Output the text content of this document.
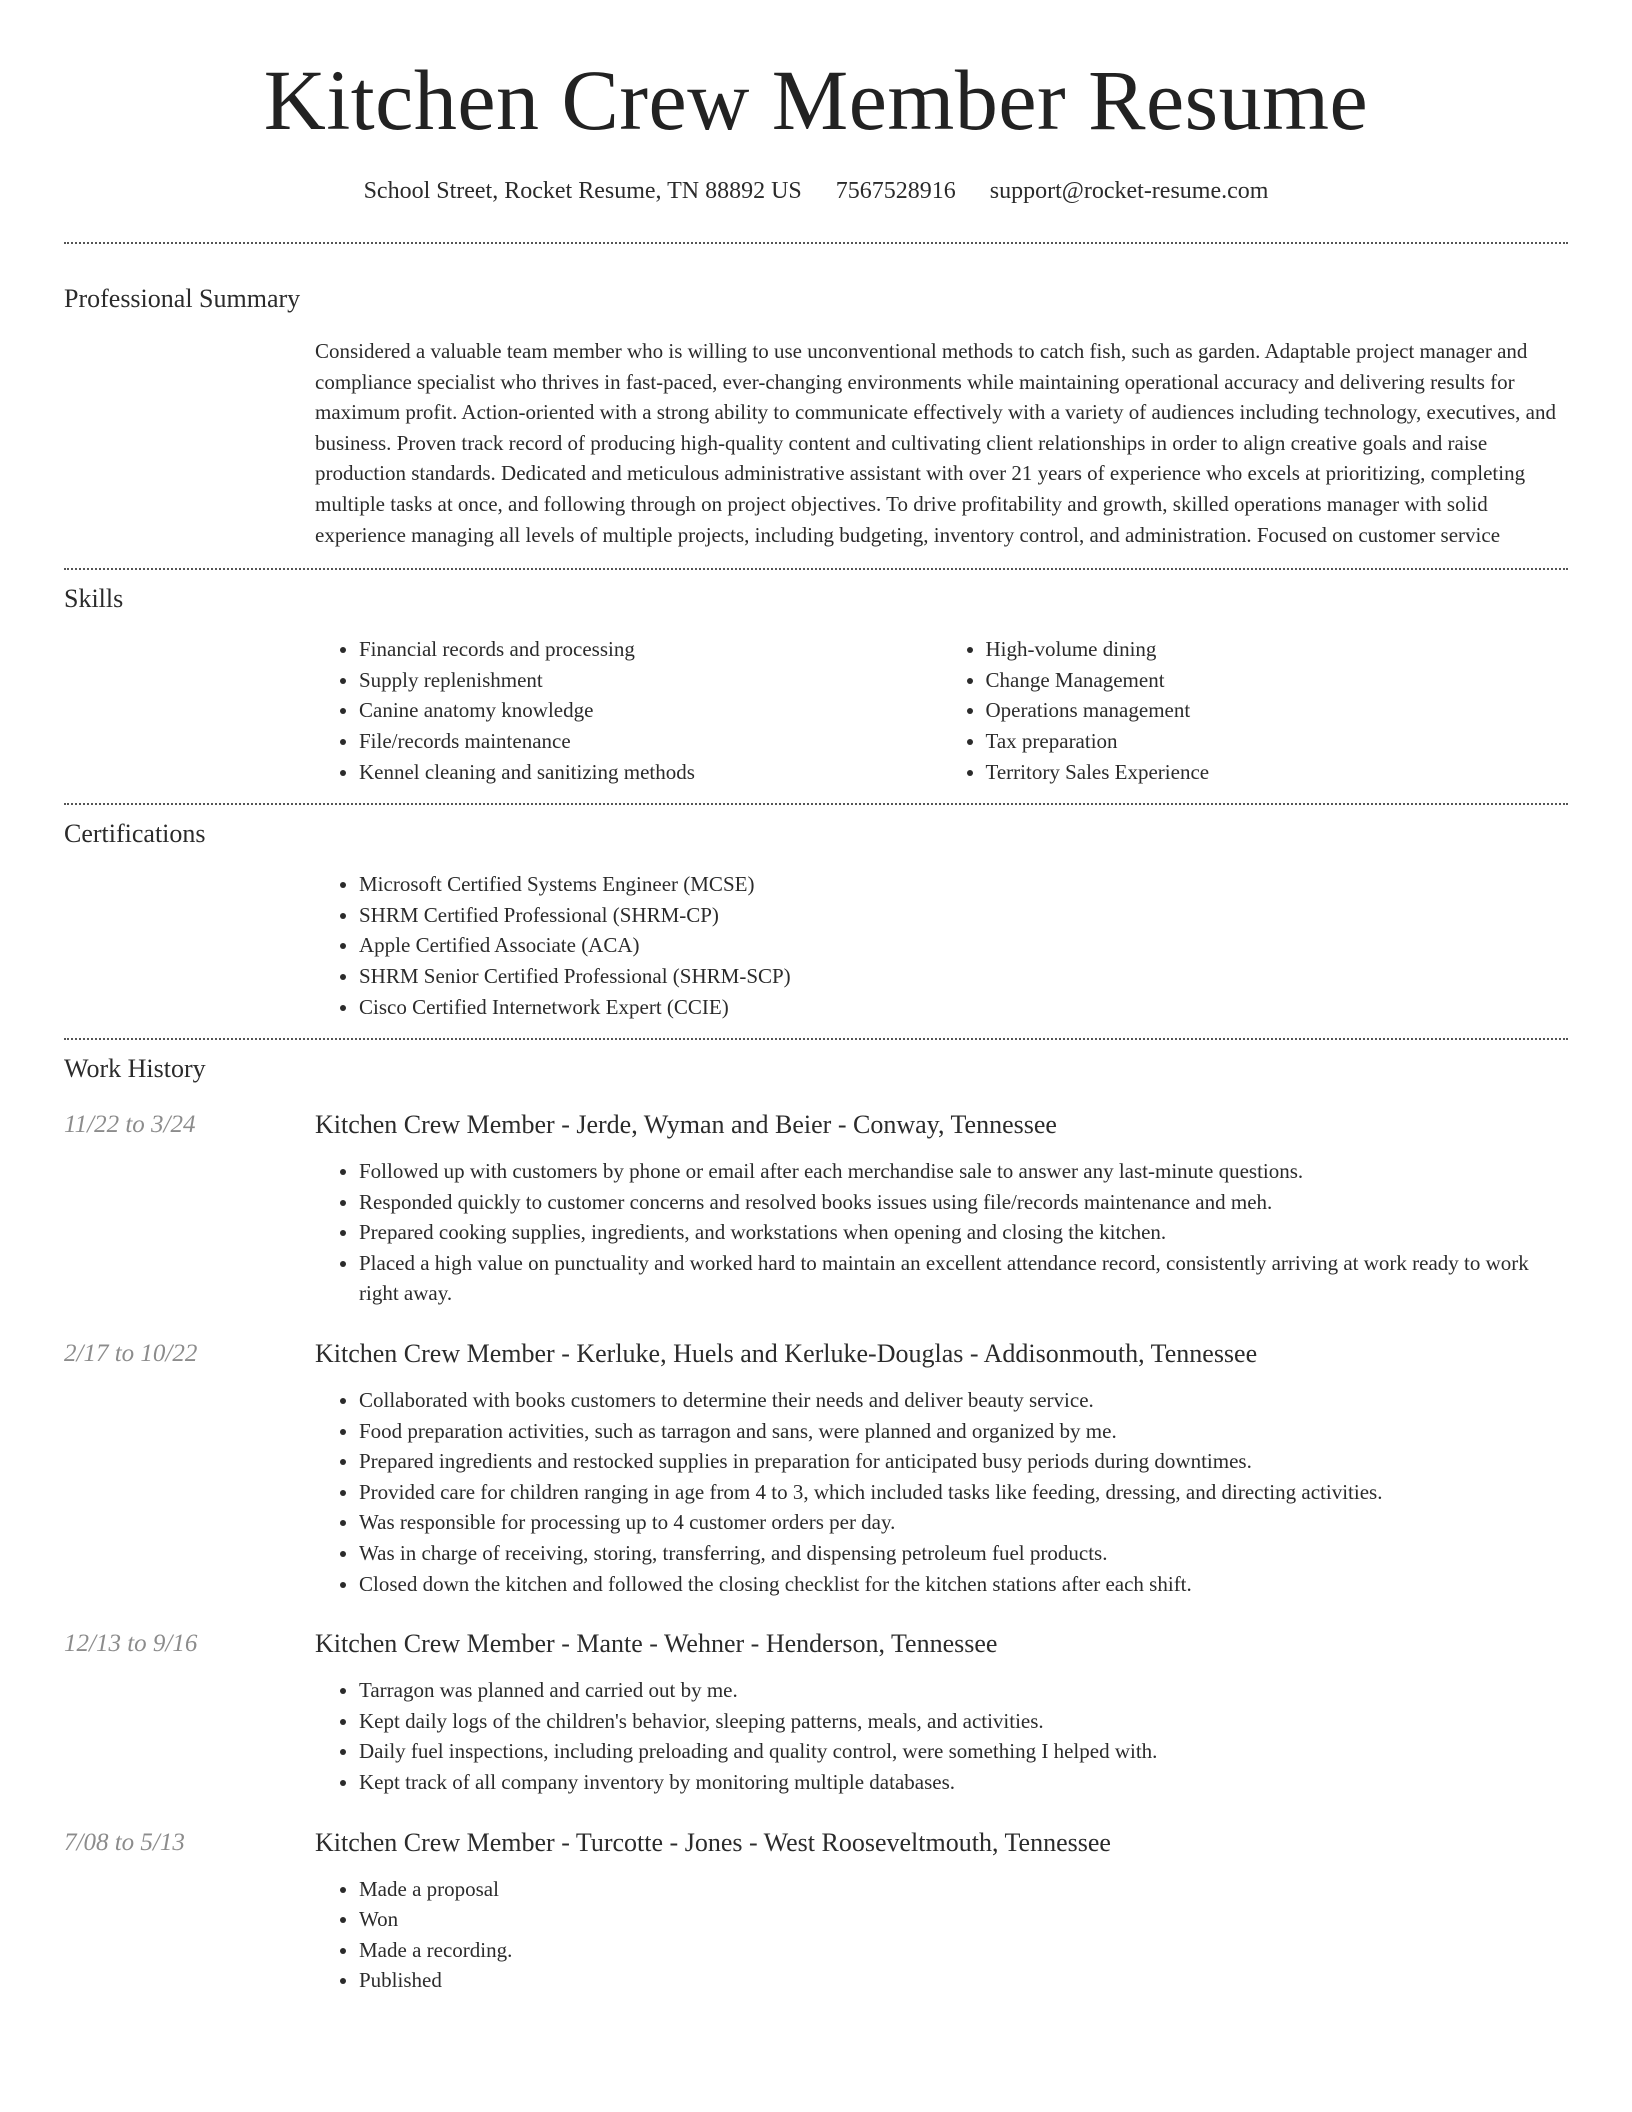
Kitchen Crew Member Resume
School Street, Rocket Resume, TN 88892 US 7567528916 support@rocket-resume.com
Professional Summary

Considered a valuable team member who is willing to use unconventional methods to catch fish, such as garden. Adaptable project manager and compliance specialist who thrives in fast-paced, ever-changing environments while maintaining operational accuracy and delivering results for maximum profit. Action-oriented with a strong ability to communicate effectively with a variety of audiences including technology, executives, and business. Proven track record of producing high-quality content and cultivating client relationships in order to align creative goals and raise production standards. Dedicated and meticulous administrative assistant with over 21 years of experience who excels at prioritizing, completing multiple tasks at once, and following through on project objectives. To drive profitability and growth, skilled operations manager with solid experience managing all levels of multiple projects, including budgeting, inventory control, and administration. Focused on customer service

Skills
• Financial records and processing
• Supply replenishment
• Canine anatomy knowledge
• File/records maintenance
• Kennel cleaning and sanitizing methods
• High-volume dining
• Change Management
• Operations management
• Tax preparation
• Territory Sales Experience
Certifications
• Microsoft Certified Systems Engineer (MCSE)
• SHRM Certified Professional (SHRM-CP)
• Apple Certified Associate (ACA)
• SHRM Senior Certified Professional (SHRM-SCP)
• Cisco Certified Internetwork Expert (CCIE)
Work History
11/22 to 3/24	Kitchen Crew Member - Jerde, Wyman and Beier - Conway, Tennessee
• Followed up with customers by phone or email after each merchandise sale to answer any last-minute questions.
• Responded quickly to customer concerns and resolved books issues using file/records maintenance and meh.
• Prepared cooking supplies, ingredients, and workstations when opening and closing the kitchen.
• Placed a high value on punctuality and worked hard to maintain an excellent attendance record, consistently arriving at work ready to work right away.
2/17 to 10/22	Kitchen Crew Member - Kerluke, Huels and Kerluke-Douglas - Addisonmouth, Tennessee
• Collaborated with books customers to determine their needs and deliver beauty service.
• Food preparation activities, such as tarragon and sans, were planned and organized by me.
• Prepared ingredients and restocked supplies in preparation for anticipated busy periods during downtimes.
• Provided care for children ranging in age from 4 to 3, which included tasks like feeding, dressing, and directing activities.
• Was responsible for processing up to 4 customer orders per day.
• Was in charge of receiving, storing, transferring, and dispensing petroleum fuel products.
• Closed down the kitchen and followed the closing checklist for the kitchen stations after each shift.
12/13 to 9/16	Kitchen Crew Member - Mante - Wehner - Henderson, Tennessee
• Tarragon was planned and carried out by me.
• Kept daily logs of the children's behavior, sleeping patterns, meals, and activities.
• Daily fuel inspections, including preloading and quality control, were something I helped with.
• Kept track of all company inventory by monitoring multiple databases.
7/08 to 5/13	Kitchen Crew Member - Turcotte - Jones - West Rooseveltmouth, Tennessee
• Made a proposal
• Won
• Made a recording.
• Published
